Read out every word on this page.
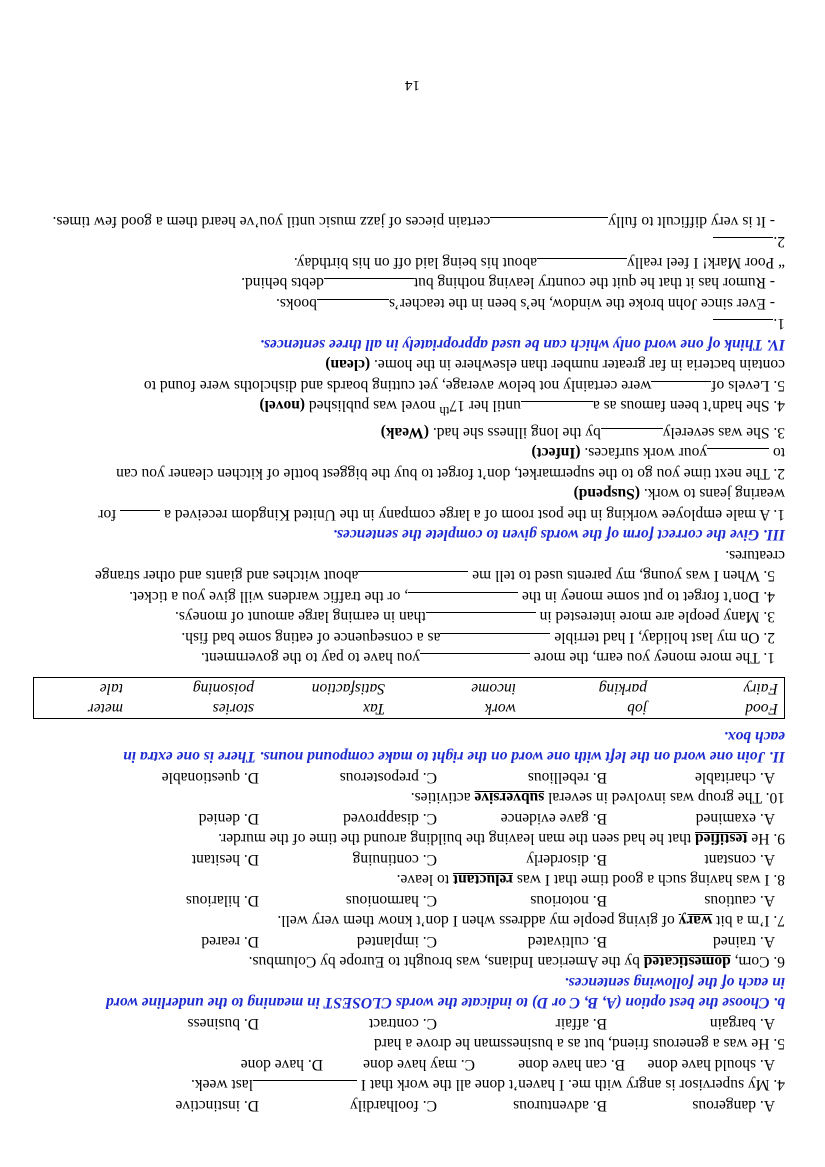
A. dangerous
B. adventurous
C. foolhardily
D. instinctive

4. My supervisor is angry with me. I haven’t done all the work that I last week.

A. should have done
B. can have done
C. may have done
D. have done

5. He was a generous friend, but as a businessman he drove a hard

A. bargain
B. affair
C. contract
D. business

b. Choose the best option (A, B, C or D) to indicate the words CLOSEST in meaning to the underline word

in each of the following sentences.

6. Corn, domesticated by the American Indians, was brought to Europe by Columbus.

A. trained
B. cultivated
C. implanted
D. reared

7. I’m a bit wary of giving people my address when I don’t know them very well.

A. cautious
B. notorious
C. harmonious
D. hilarious

8. I was having such a good time that I was reluctant to leave.

A. constant
B. disorderly
C. continuing
D. hesitant

9. He testified that he had seen the man leaving the building around the time of the murder.

A. examined
B. gave evidence
C. disapproved
D. denied

10. The group was involved in several subversive activities.

A. charitable
B. rebellious
C. preposterous
D. questionable

II. Join one word on the left with one word on the right to make compound nouns. There is one extra in

each box.

Food	job	work	Tax	stories	meter
Fairy	parking	income	Satisfaction	poisoning	tale

1. The more money you earn, the more you have to pay to the government.

2. On my last holiday, I had terrible as a consequence of eating some bad fish.

3. Many people are more interested in than in earning large amount of moneys.

4. Don’t forget to put some money in the , or the traffic wardens will give you a ticket.

5. When I was young, my parents used to tell me about witches and giants and other strange

creatures.

III. Give the correct form of the words given to complete the sentences.

1. A male employee working in the post room of a large company in the United Kingdom received a  for

wearing jeans to work. (Suspend)

2. The next time you go to the supermarket, don’t forget to buy the biggest bottle of kitchen cleaner you can

to your work surfaces. (Infect)

3. She was severelyby the long illness she had. (Weak)

4. She hadn’t been famous as auntil her 17th novel was published (novel)

5. Levels ofwere certainly not below average, yet cutting boards and dishcloths were found to

contain bacteria in far greater number than elsewhere in the home. (clean)

IV. Think of one word only which can be used appropriately in all three sentences.

1.

- Ever since John broke the window, he’s been in the teacher’sbooks.

- Rumor has it that he quit the country leaving nothing butdebts behind.

“ Poor Mark! I feel reallyabout his being laid off on his birthday.

2.

- It is very difficult to fullycertain pieces of jazz music until you’ve heard them a good few times.

14
